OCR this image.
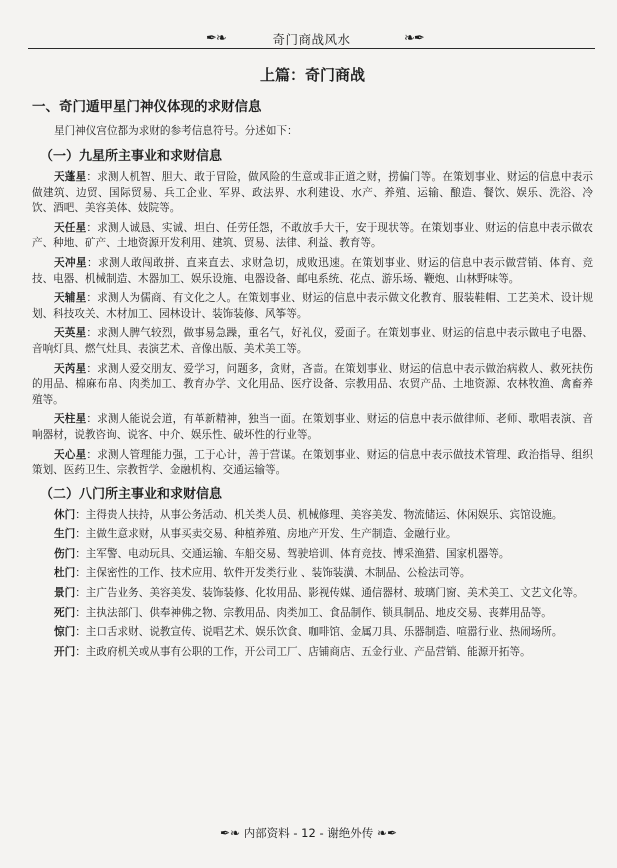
✒❧	奇门商战风水	❧✒
上篇：奇门商战
一、奇门遁甲星门神仪体现的求财信息

星门神仪宫位都为求财的参考信息符号。分述如下：

（一）九星所主事业和求财信息

天蓬星：求测人机智、胆大、敢于冒险，做风险的生意或非正道之财，捞偏门等。在策划事业、财运的信息中表示做建筑、边贸、国际贸易、兵工企业、军界、政法界、水利建设、水产、养殖、运输、酿造、餐饮、娱乐、洗浴、冷饮、酒吧、美容美体、妓院等。

天任星：求测人诚恳、实诚、坦白、任劳任怨，不敢放手大干，安于现状等。在策划事业、财运的信息中表示做农产、种地、矿产、土地资源开发利用、建筑、贸易、法律、利益、教育等。

天冲星：求测人敢闯敢拼、直来直去、求财急切，成败迅速。在策划事业、财运的信息中表示做营销、体育、竞技、电器、机械制造、木器加工、娱乐设施、电器设备、邮电系统、花点、游乐场、鞭炮、山林野味等。

天辅星：求测人为儒商、有文化之人。在策划事业、财运的信息中表示做文化教育、服装鞋帽、工艺美术、设计规划、科技攻关、木材加工、园林设计、装饰装修、风筝等。

天英星：求测人脾气较烈，做事易急躁，重名气，好礼仪，爱面子。在策划事业、财运的信息中表示做电子电器、音响灯具、燃气灶具、表演艺术、音像出版、美术美工等。

天芮星：求测人爱交朋友、爱学习，问题多，贪财，吝啬。在策划事业、财运的信息中表示做治病救人、救死扶伤的用品、棉麻布帛、肉类加工、教育办学、文化用品、医疗设备、宗教用品、农贸产品、土地资源、农林牧渔、禽畜养殖等。

天柱星：求测人能说会道，有革新精神，独当一面。在策划事业、财运的信息中表示做律师、老师、歌唱表演、音响器材，说教咨询、说客、中介、娱乐性、破坏性的行业等。

天心星：求测人管理能力强，工于心计，善于营谋。在策划事业、财运的信息中表示做技术管理、政治指导、组织策划、医药卫生、宗教哲学、金融机构、交通运输等。

（二）八门所主事业和求财信息

休门：主得贵人扶持，从事公务活动、机关类人员、机械修理、美容美发、物流储运、休闲娱乐、宾馆设施。

生门：主做生意求财，从事买卖交易、种植养殖、房地产开发、生产制造、金融行业。

伤门：主军警、电动玩具、交通运输、车船交易、驾驶培训、体育竞技、博采渔猎、国家机器等。

杜门：主保密性的工作、技术应用、软件开发类行业 、装饰装潢、木制品、公检法司等。

景门：主广告业务、美容美发、装饰装修、化妆用品、影视传媒、通信器材、玻璃门窗、美术美工、文艺文化等。

死门：主执法部门、供奉神佛之物、宗教用品、肉类加工、食品制作、锁具制品、地皮交易、丧葬用品等。

惊门：主口舌求财、说教宣传、说唱艺术、娱乐饮食、咖啡馆、金属刀具、乐器制造、喧嚣行业、热闹场所。

开门：主政府机关或从事有公职的工作，开公司工厂、店铺商店、五金行业、产品营销、能源开拓等。

✒❧ 内部资料 - 12 - 谢绝外传 ❧✒
